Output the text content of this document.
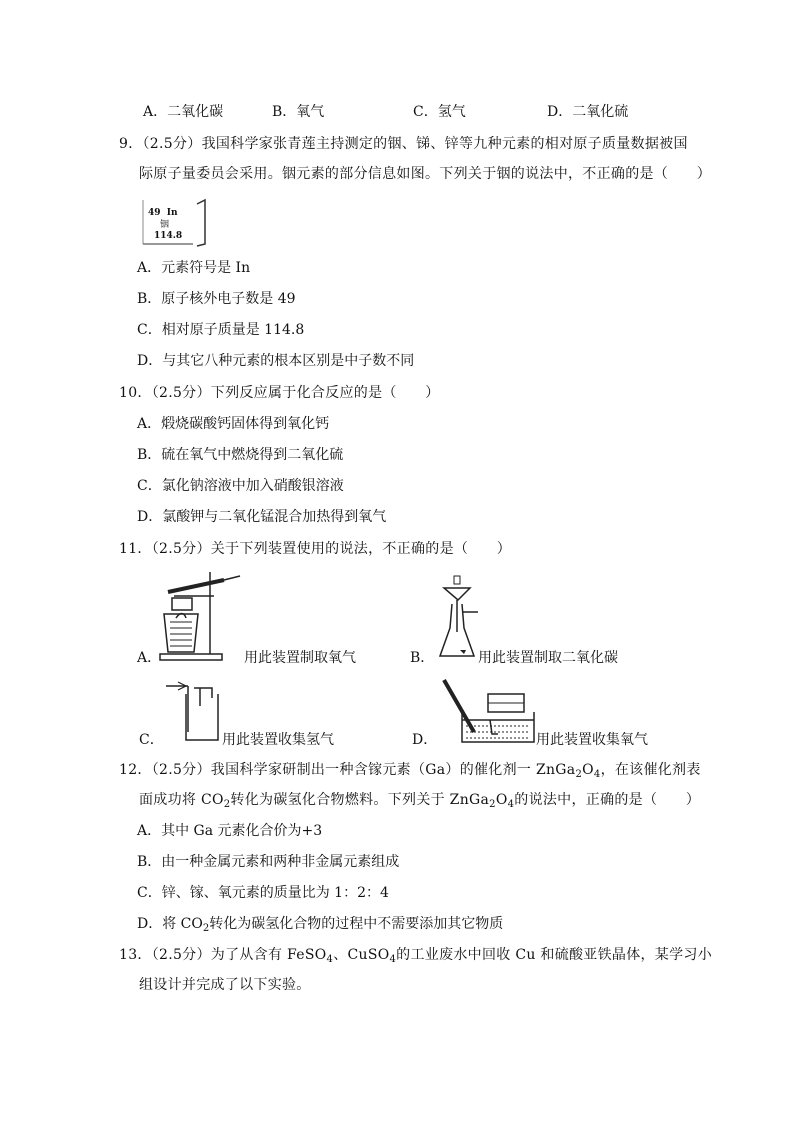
A．二氧化碳	B．氧气	C．氢气	D．二氧化硫
9．（2.5分）我国科学家张青莲主持测定的铟、锑、锌等九种元素的相对原子质量数据被国
际原子量委员会采用。铟元素的部分信息如图。下列关于铟的说法中，不正确的是（　　）
49  In
铟
114.8
A．元素符号是 In
B．原子核外电子数是 49
C．相对原子质量是 114.8
D．与其它八种元素的根本区别是中子数不同
10．（2.5分）下列反应属于化合反应的是（　　）
A．煅烧碳酸钙固体得到氧化钙
B．硫在氧气中燃烧得到二氧化硫
C．氯化钠溶液中加入硝酸银溶液
D．氯酸钾与二氧化锰混合加热得到氧气
11．（2.5分）关于下列装置使用的说法，不正确的是（　　）
A．	用此装置制取氧气	B．	用此装置制取二氧化碳
C．	用此装置收集氢气	D．	用此装置收集氧气
12．（2.5分）我国科学家研制出一种含镓元素（Ga）的催化剂一 $ZnGa_2O_4$，在该催化剂表
面成功将 $CO_2$转化为碳氢化合物燃料。下列关于 $ZnGa_2O_4$的说法中，正确的是（　　）
A．其中 Ga 元素化合价为+3
B．由一种金属元素和两种非金属元素组成
C．锌、镓、氧元素的质量比为 1：2：4
D．将 $CO_2$转化为碳氢化合物的过程中不需要添加其它物质
13．（2.5分）为了从含有 FeSO$_4$、CuSO$_4$的工业废水中回收 Cu 和硫酸亚铁晶体，某学习小
组设计并完成了以下实验。
